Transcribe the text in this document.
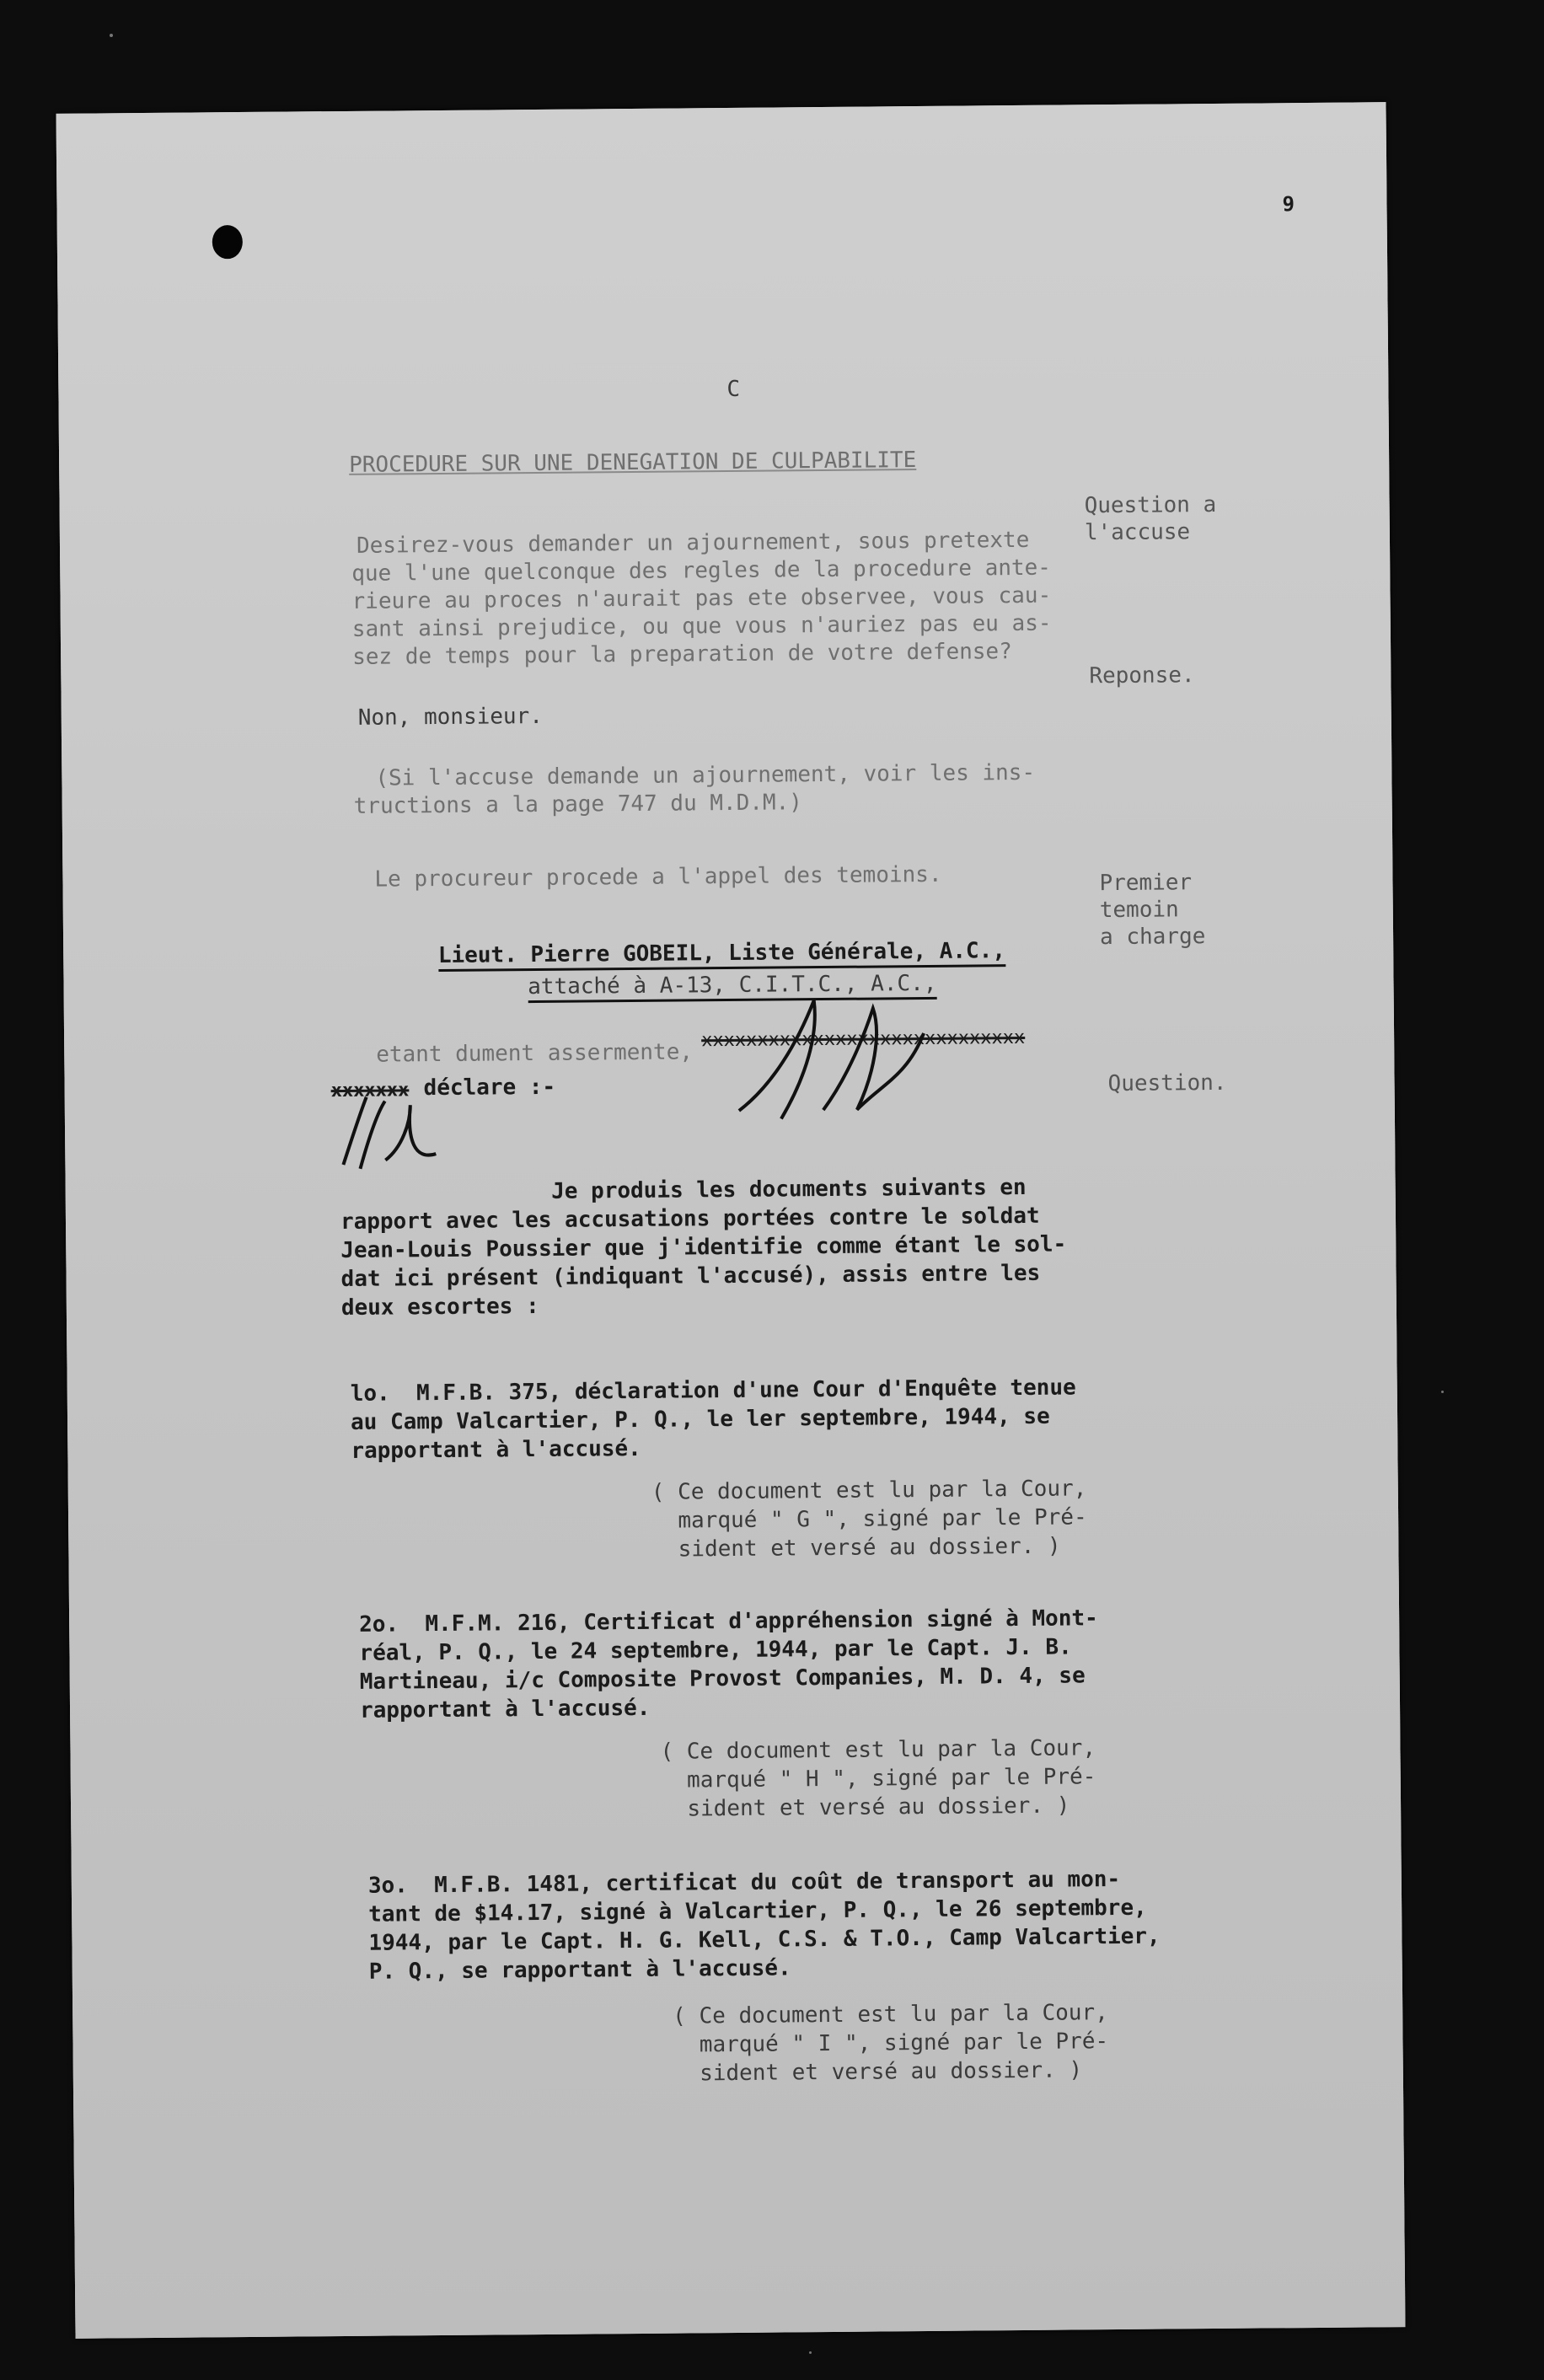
9
C
PROCEDURE SUR UNE DENEGATION DE CULPABILITE
Desirez-vous demander un ajournement, sous pretexte
que l'une quelconque des regles de la procedure ante-
rieure au proces n'aurait pas ete observee, vous cau-
sant ainsi prejudice, ou que vous n'auriez pas eu as-
sez de temps pour la preparation de votre defense?
Question a
l'accuse
Non, monsieur.
Reponse.
(Si l'accuse demande un ajournement, voir les ins-
tructions a la page 747 du M.D.M.)
Le procureur procede a l'appel des temoins.

Lieut. Pierre GOBEIL, Liste Générale, A.C.,

attaché à A-13, C.I.T.C., A.C.,

Premier
temoin
a charge
etant dument assermente,
xxxxxxxxxxxxxxxxxxxxxxxxxxxxx
xxxxxxx déclare :-	Question.
Je produis les documents suivants en
rapport avec les accusations portées contre le soldat
Jean-Louis Poussier que j'identifie comme étant le sol-
dat ici présent (indiquant l'accusé), assis entre les
deux escortes :
lo.  M.F.B. 375, déclaration d'une Cour d'Enquête tenue
au Camp Valcartier, P. Q., le ler septembre, 1944, se
rapportant à l'accusé.
( Ce document est lu par la Cour,
marqué " G ", signé par le Pré-
sident et versé au dossier. )
2o.  M.F.M. 216, Certificat d'appréhension signé à Mont-
réal, P. Q., le 24 septembre, 1944, par le Capt. J. B.
Martineau, i/c Composite Provost Companies, M. D. 4, se
rapportant à l'accusé.
( Ce document est lu par la Cour,
marqué " H ", signé par le Pré-
sident et versé au dossier. )
3o.  M.F.B. 1481, certificat du coût de transport au mon-
tant de $14.17, signé à Valcartier, P. Q., le 26 septembre,
1944, par le Capt. H. G. Kell, C.S. & T.O., Camp Valcartier,
P. Q., se rapportant à l'accusé.
( Ce document est lu par la Cour,
marqué " I ", signé par le Pré-
sident et versé au dossier. )
